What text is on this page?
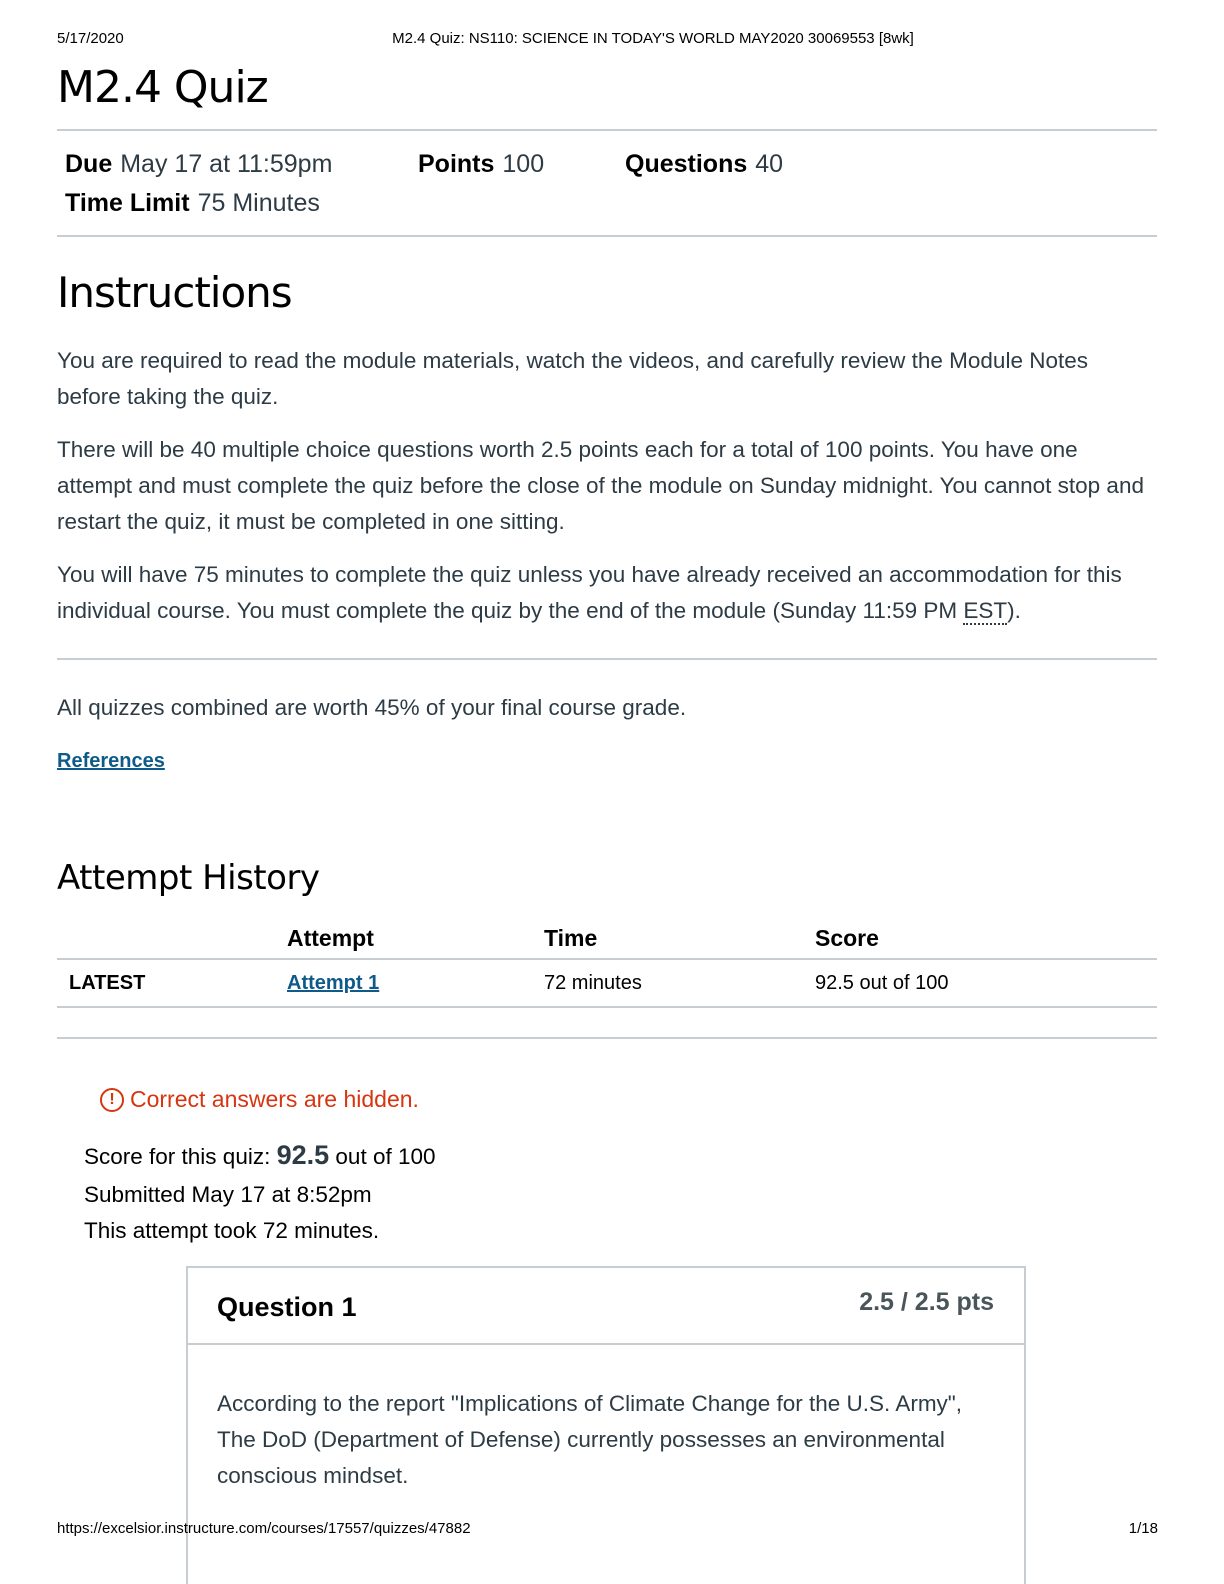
5/17/2020	M2.4 Quiz: NS110: SCIENCE IN TODAY'S WORLD MAY2020 30069553 [8wk]
M2.4 Quiz
Due May 17 at 11:59pm	Points 100	Questions 40
Time Limit 75 Minutes
Instructions

You are required to read the module materials, watch the videos, and carefully review the Module Notes before taking the quiz.

There will be 40 multiple choice questions worth 2.5 points each for a total of 100 points. You have one attempt and must complete the quiz before the close of the module on Sunday midnight. You cannot stop and restart the quiz, it must be completed in one sitting.

You will have 75 minutes to complete the quiz unless you have already received an accommodation for this individual course. You must complete the quiz by the end of the module (Sunday 11:59 PM EST).

All quizzes combined are worth 45% of your final course grade.

References
Attempt History
	Attempt	Time	Score
LATEST	Attempt 1	72 minutes	92.5 out of 100
! Correct answers are hidden.
Score for this quiz: 92.5 out of 100
Submitted May 17 at 8:52pm
This attempt took 72 minutes.
Question 1	2.5 / 2.5 pts

According to the report "Implications of Climate Change for the U.S. Army", The DoD (Department of Defense) currently possesses an environmental conscious mindset.

https://excelsior.instructure.com/courses/17557/quizzes/47882	1/18
